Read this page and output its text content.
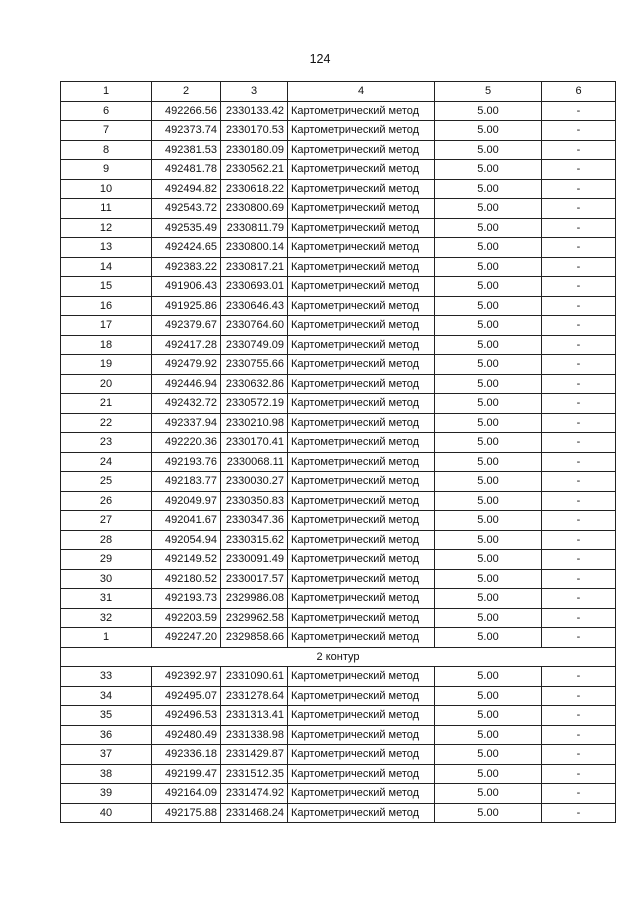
124
1	2	3	4	5	6
6	492266.56	2330133.42	Картометрический метод	5.00	-
7	492373.74	2330170.53	Картометрический метод	5.00	-
8	492381.53	2330180.09	Картометрический метод	5.00	-
9	492481.78	2330562.21	Картометрический метод	5.00	-
10	492494.82	2330618.22	Картометрический метод	5.00	-
11	492543.72	2330800.69	Картометрический метод	5.00	-
12	492535.49	2330811.79	Картометрический метод	5.00	-
13	492424.65	2330800.14	Картометрический метод	5.00	-
14	492383.22	2330817.21	Картометрический метод	5.00	-
15	491906.43	2330693.01	Картометрический метод	5.00	-
16	491925.86	2330646.43	Картометрический метод	5.00	-
17	492379.67	2330764.60	Картометрический метод	5.00	-
18	492417.28	2330749.09	Картометрический метод	5.00	-
19	492479.92	2330755.66	Картометрический метод	5.00	-
20	492446.94	2330632.86	Картометрический метод	5.00	-
21	492432.72	2330572.19	Картометрический метод	5.00	-
22	492337.94	2330210.98	Картометрический метод	5.00	-
23	492220.36	2330170.41	Картометрический метод	5.00	-
24	492193.76	2330068.11	Картометрический метод	5.00	-
25	492183.77	2330030.27	Картометрический метод	5.00	-
26	492049.97	2330350.83	Картометрический метод	5.00	-
27	492041.67	2330347.36	Картометрический метод	5.00	-
28	492054.94	2330315.62	Картометрический метод	5.00	-
29	492149.52	2330091.49	Картометрический метод	5.00	-
30	492180.52	2330017.57	Картометрический метод	5.00	-
31	492193.73	2329986.08	Картометрический метод	5.00	-
32	492203.59	2329962.58	Картометрический метод	5.00	-
1	492247.20	2329858.66	Картометрический метод	5.00	-
2 контур					
33	492392.97	2331090.61	Картометрический метод	5.00	-
34	492495.07	2331278.64	Картометрический метод	5.00	-
35	492496.53	2331313.41	Картометрический метод	5.00	-
36	492480.49	2331338.98	Картометрический метод	5.00	-
37	492336.18	2331429.87	Картометрический метод	5.00	-
38	492199.47	2331512.35	Картометрический метод	5.00	-
39	492164.09	2331474.92	Картометрический метод	5.00	-
40	492175.88	2331468.24	Картометрический метод	5.00	-
